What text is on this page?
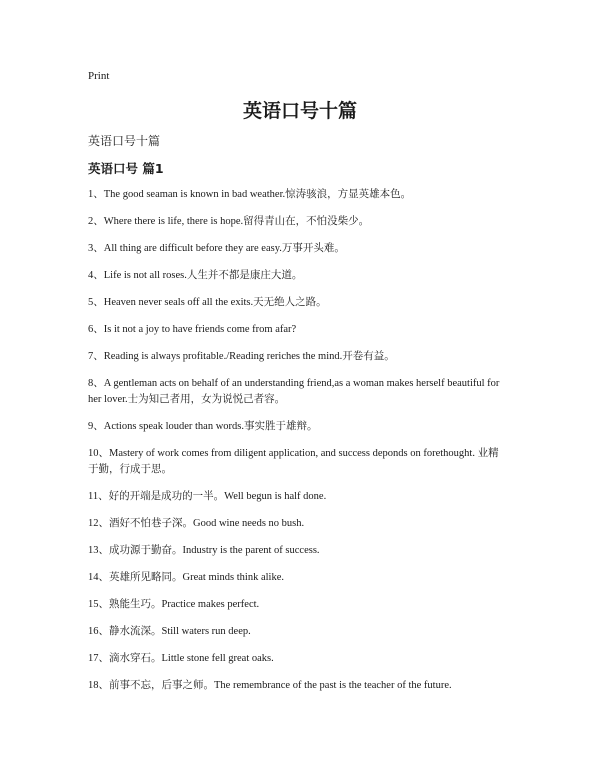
Print
英语口号十篇
英语口号十篇
英语口号 篇1
1、The good seaman is known in bad weather.惊涛骇浪，方显英雄本色。
2、Where there is life, there is hope.留得青山在，不怕没柴少。
3、All thing are difficult before they are easy.万事开头难。
4、Life is not all roses.人生并不都是康庄大道。
5、Heaven never seals off all the exits.天无绝人之路。
6、Is it not a joy to have friends come from afar?
7、Reading is always profitable./Reading reriches the mind.开卷有益。
8、A gentleman acts on behalf of an understanding friend,as a woman makes herself beautiful for her lover.士为知己者用，女为说悦己者容。
9、Actions speak louder than words.事实胜于雄辩。
10、Mastery of work comes from diligent application, and success deponds on forethought. 业精于勤，行成于思。
11、好的开端是成功的一半。Well begun is half done.
12、酒好不怕巷子深。Good wine needs no bush.
13、成功源于勤奋。Industry is the parent of success.
14、英雄所见略同。Great minds think alike.
15、熟能生巧。Practice makes perfect.
16、静水流深。Still waters run deep.
17、滴水穿石。Little stone fell great oaks.
18、前事不忘，后事之师。The remembrance of the past is the teacher of the future.
